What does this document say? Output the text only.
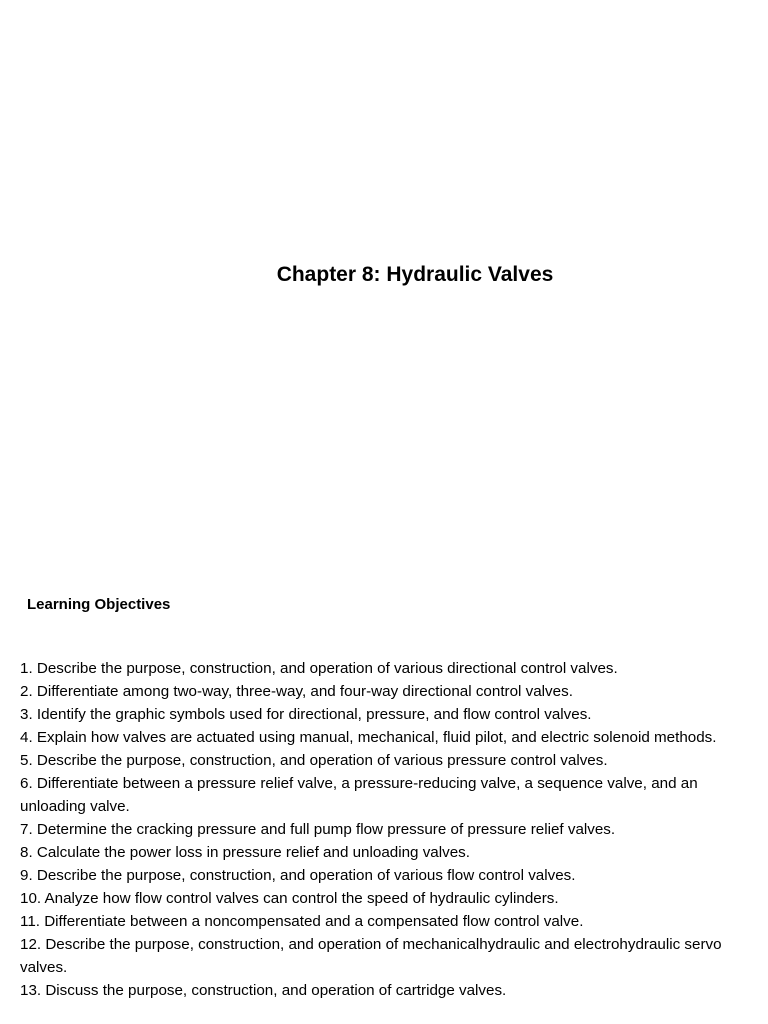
Chapter 8: Hydraulic Valves
Learning Objectives
1. Describe the purpose, construction, and operation of various directional control valves.
2. Differentiate among two-way, three-way, and four-way directional control valves.
3. Identify the graphic symbols used for directional, pressure, and flow control valves.
4. Explain how valves are actuated using manual, mechanical, fluid pilot, and electric solenoid methods.
5. Describe the purpose, construction, and operation of various pressure control valves.
6. Differentiate between a pressure relief valve, a pressure-reducing valve, a sequence valve, and an unloading valve.
7. Determine the cracking pressure and full pump flow pressure of pressure relief valves.
8. Calculate the power loss in pressure relief and unloading valves.
9. Describe the purpose, construction, and operation of various flow control valves.
10. Analyze how flow control valves can control the speed of hydraulic cylinders.
11. Differentiate between a noncompensated and a compensated flow control valve.
12. Describe the purpose, construction, and operation of mechanicalhydraulic and electrohydraulic servo valves.
13. Discuss the purpose, construction, and operation of cartridge valves.
